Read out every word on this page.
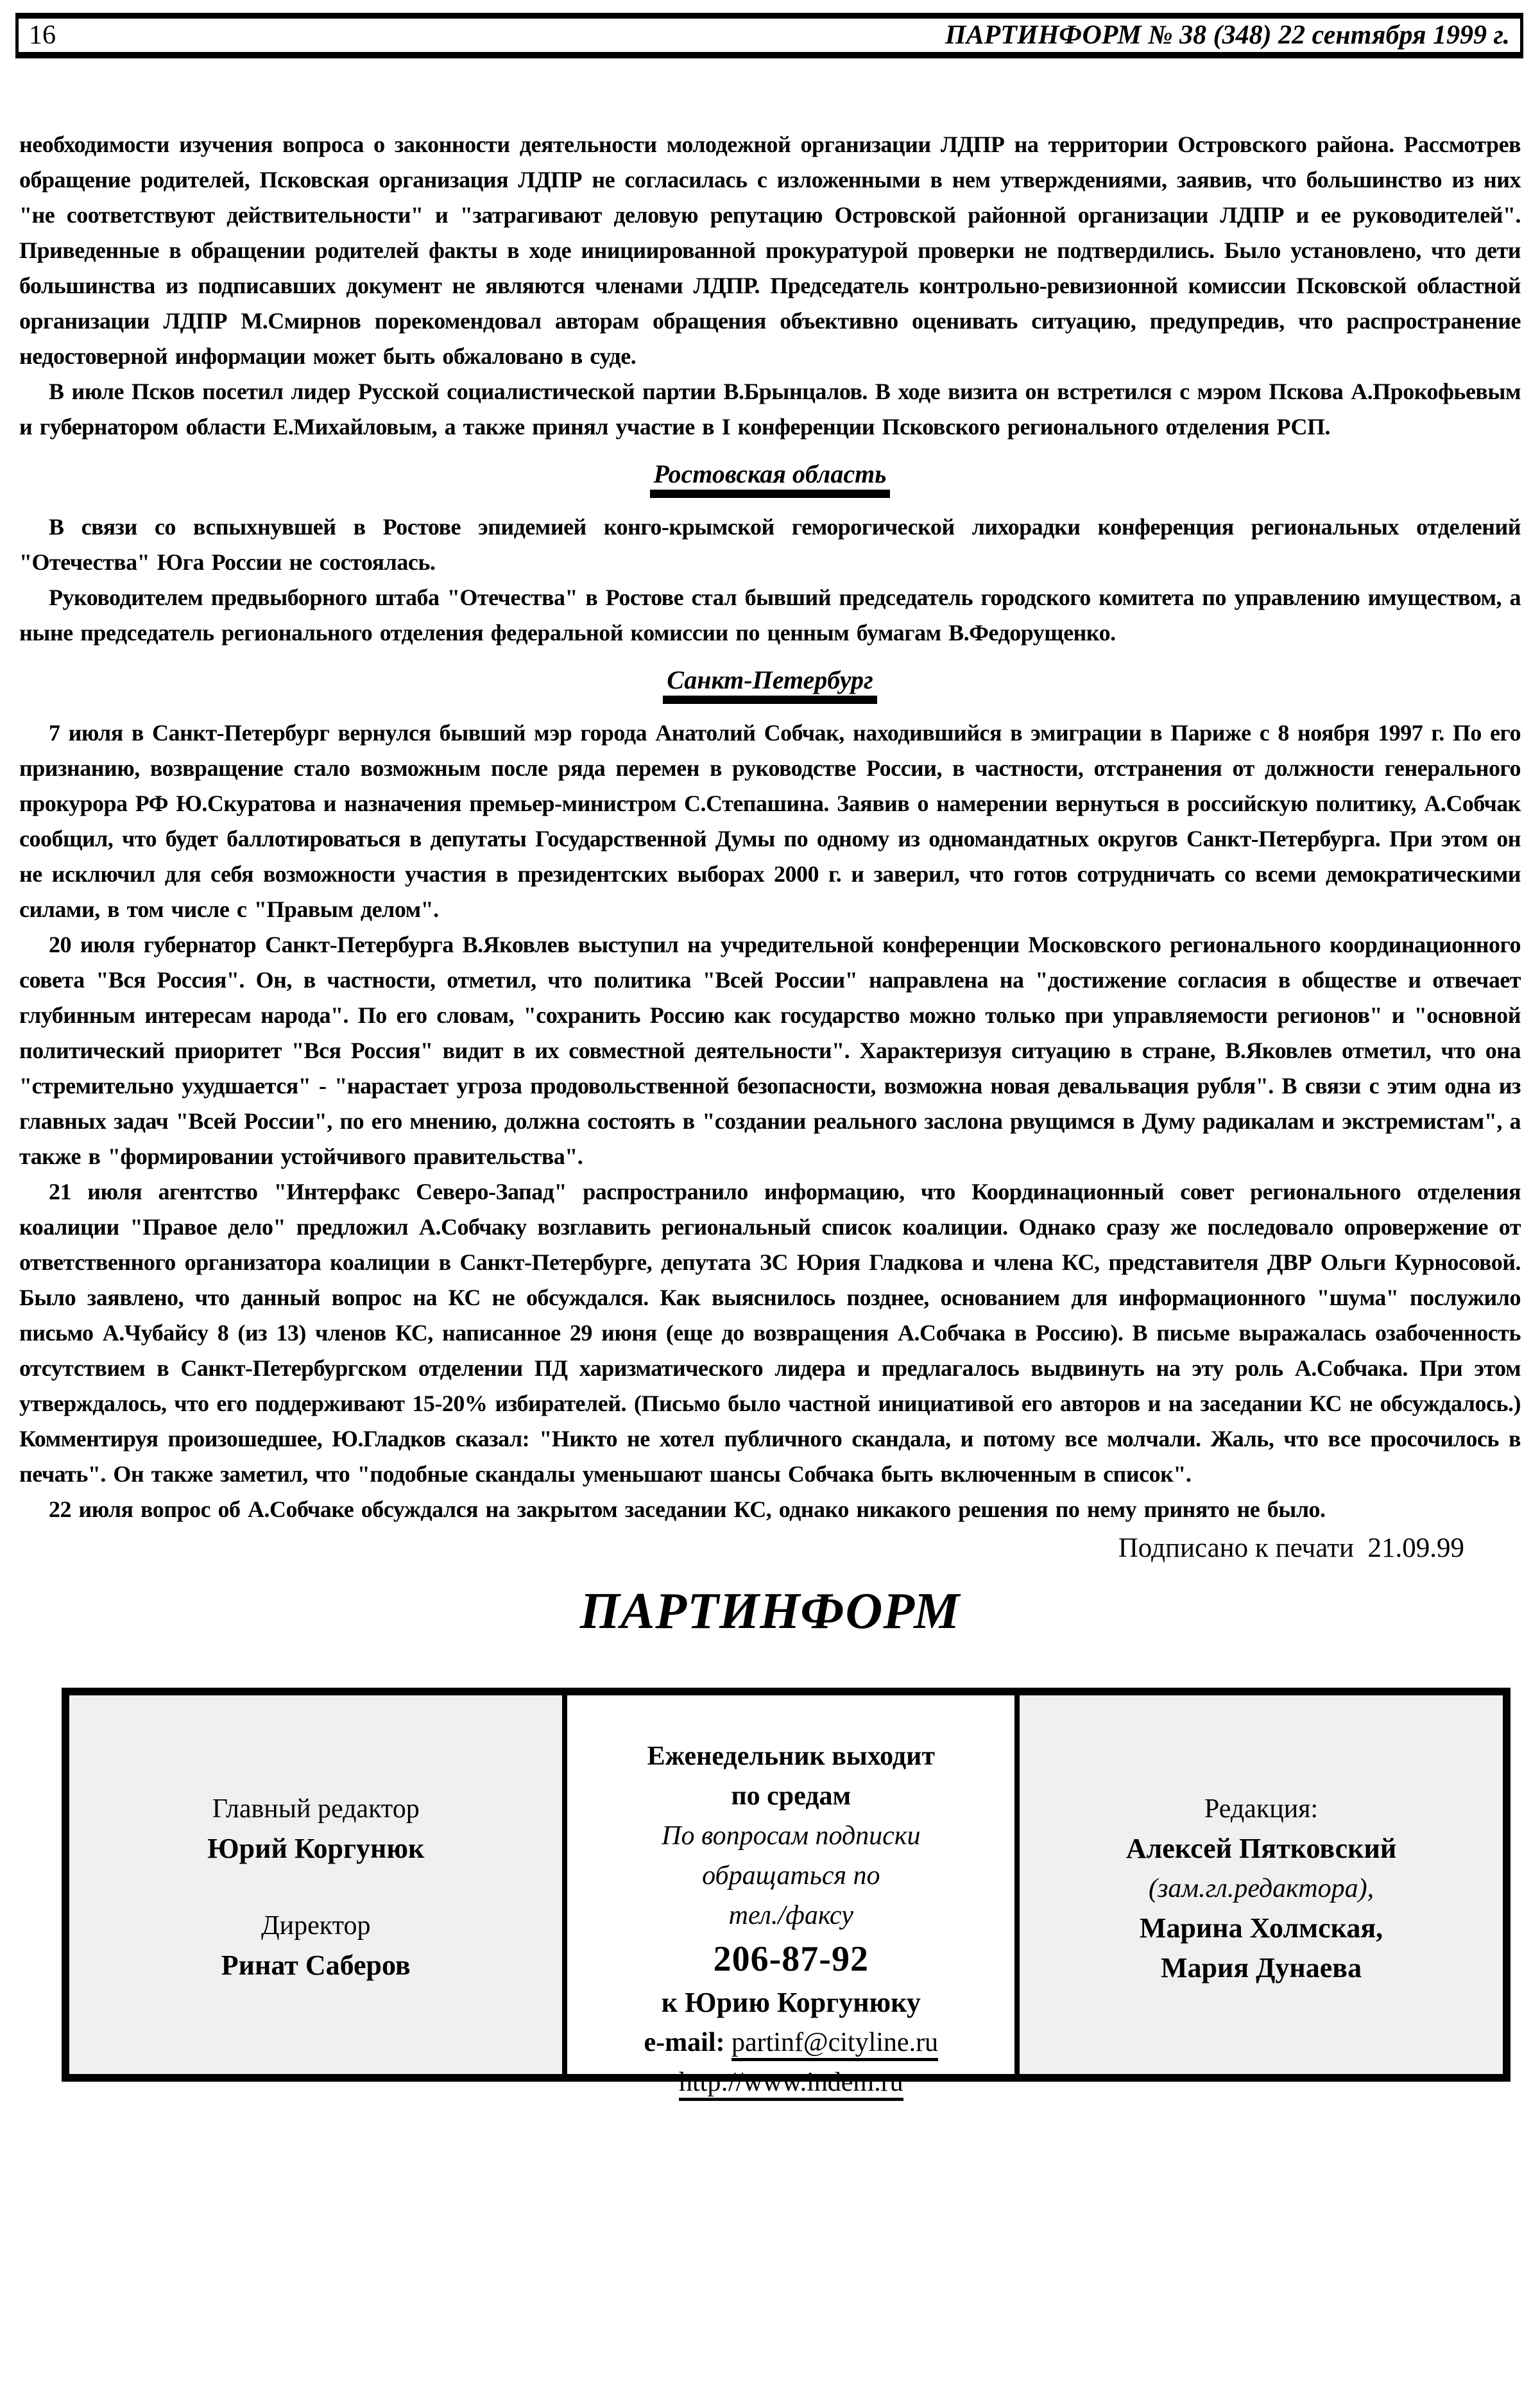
16	ПАРТИНФОРМ № 38 (348) 22 сентября 1999 г.

необходимости изучения вопроса о законности деятельности молодежной организации ЛДПР на территории Островского района. Рассмотрев обращение родителей, Псковская организация ЛДПР не согласилась с изложенными в нем утверждениями, заявив, что большинство из них "не соответствуют действительности" и "затрагивают деловую репутацию Островской районной организации ЛДПР и ее руководителей". Приведенные в обращении родителей факты в ходе инициированной прокуратурой проверки не подтвердились. Было установлено, что дети большинства из подписавших документ не являются членами ЛДПР. Председатель контрольно-ревизионной комиссии Псковской областной организации ЛДПР М.Смирнов порекомендовал авторам обращения объективно оценивать ситуацию, предупредив, что распространение недостоверной информации может быть обжаловано в суде.

В июле Псков посетил лидер Русской социалистической партии В.Брынцалов. В ходе визита он встретился с мэром Пскова А.Прокофьевым и губернатором области Е.Михайловым, а также принял участие в I конференции Псковского регионального отделения РСП.

Ростовская область

В связи со вспыхнувшей в Ростове эпидемией конго-крымской геморогической лихорадки конференция региональных отделений "Отечества" Юга России не состоялась.

Руководителем предвыборного штаба "Отечества" в Ростове стал бывший председатель городского комитета по управлению имуществом, а ныне председатель регионального отделения федеральной комиссии по ценным бумагам В.Федорущенко.

Санкт-Петербург

7 июля в Санкт-Петербург вернулся бывший мэр города Анатолий Собчак, находившийся в эмиграции в Париже с 8 ноября 1997 г. По его признанию, возвращение стало возможным после ряда перемен в руководстве России, в частности, отстранения от должности генерального прокурора РФ Ю.Скуратова и назначения премьер-министром С.Степашина. Заявив о намерении вернуться в российскую политику, А.Собчак сообщил, что будет баллотироваться в депутаты Государственной Думы по одному из одномандатных округов Санкт-Петербурга. При этом он не исключил для себя возможности участия в президентских выборах 2000 г. и заверил, что готов сотрудничать со всеми демократическими силами, в том числе с "Правым делом".

20 июля губернатор Санкт-Петербурга В.Яковлев выступил на учредительной конференции Московского регионального координационного совета "Вся Россия". Он, в частности, отметил, что политика "Всей России" направлена на "достижение согласия в обществе и отвечает глубинным интересам народа". По его словам, "сохранить Россию как государство можно только при управляемости регионов" и "основной политический приоритет "Вся Россия" видит в их совместной деятельности". Характеризуя ситуацию в стране, В.Яковлев отметил, что она "стремительно ухудшается" - "нарастает угроза продовольственной безопасности, возможна новая девальвация рубля". В связи с этим одна из главных задач "Всей России", по его мнению, должна состоять в "создании реального заслона рвущимся в Думу радикалам и экстремистам", а также в "формировании устойчивого правительства".

21 июля агентство "Интерфакс Северо-Запад" распространило информацию, что Координационный совет регионального отделения коалиции "Правое дело" предложил А.Собчаку возглавить региональный список коалиции. Однако сразу же последовало опровержение от ответственного организатора коалиции в Санкт-Петербурге, депутата ЗС Юрия Гладкова и члена КС, представителя ДВР Ольги Курносовой. Было заявлено, что данный вопрос на КС не обсуждался. Как выяснилось позднее, основанием для информационного "шума" послужило письмо А.Чубайсу 8 (из 13) членов КС, написанное 29 июня (еще до возвращения А.Собчака в Россию). В письме выражалась озабоченность отсутствием в Санкт-Петербургском отделении ПД харизматического лидера и предлагалось выдвинуть на эту роль А.Собчака. При этом утверждалось, что его поддерживают 15-20% избирателей. (Письмо было частной инициативой его авторов и на заседании КС не обсуждалось.) Комментируя произошедшее, Ю.Гладков сказал: "Никто не хотел публичного скандала, и потому все молчали. Жаль, что все просочилось в печать". Он также заметил, что "подобные скандалы уменьшают шансы Собчака быть включенным в список".

22 июля вопрос об А.Собчаке обсуждался на закрытом заседании КС, однако никакого решения по нему принято не было.

Подписано к печати  21.09.99
ПАРТИНФОРМ
Главный редактор
Юрий Коргунюк
Директор
Ринат Саберов
Еженедельник выходит
по средам
По вопросам подписки
обращаться по
тел./факсу
206-87-92
к Юрию Коргунюку
e-mail: partinf@cityline.ru
http://www.indem.ru
Редакция:
Алексей Пятковский
(зам.гл.редактора),
Марина Холмская,
Мария Дунаева
